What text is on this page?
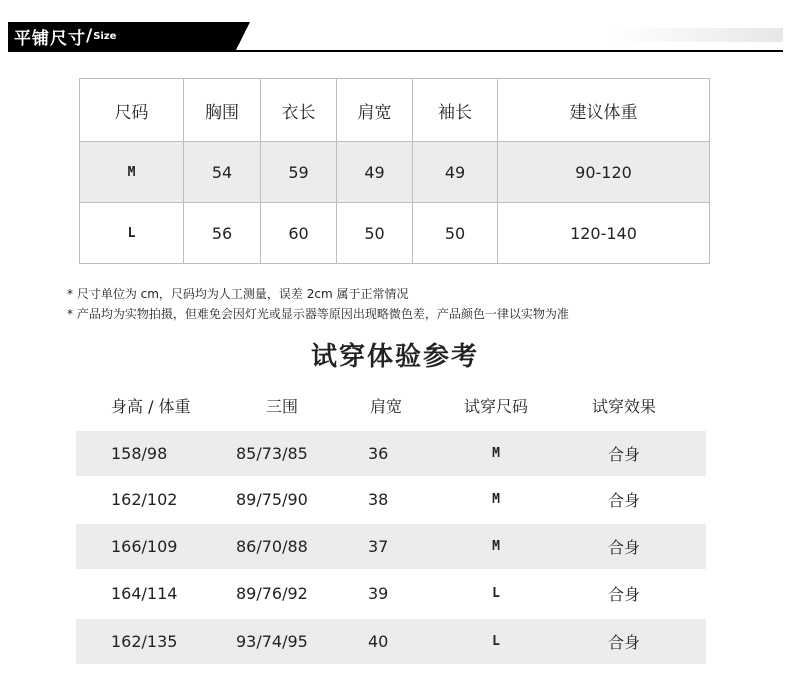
平铺尺寸 / Size
尺码	胸围	衣长	肩宽	袖长	建议体重
M	54	59	49	49	90-120
L	56	60	50	50	120-140
* 尺寸单位为 cm，尺码均为人工测量，误差 2cm 属于正常情况
* 产品均为实物拍摄，但难免会因灯光或显示器等原因出现略微色差，产品颜色一律以实物为准
试穿体验参考
身高 / 体重	三围	肩宽	试穿尺码	试穿效果
158/98	85/73/85	36	M	合身
162/102	89/75/90	38	M	合身
166/109	86/70/88	37	M	合身
164/114	89/76/92	39	L	合身
162/135	93/74/95	40	L	合身
